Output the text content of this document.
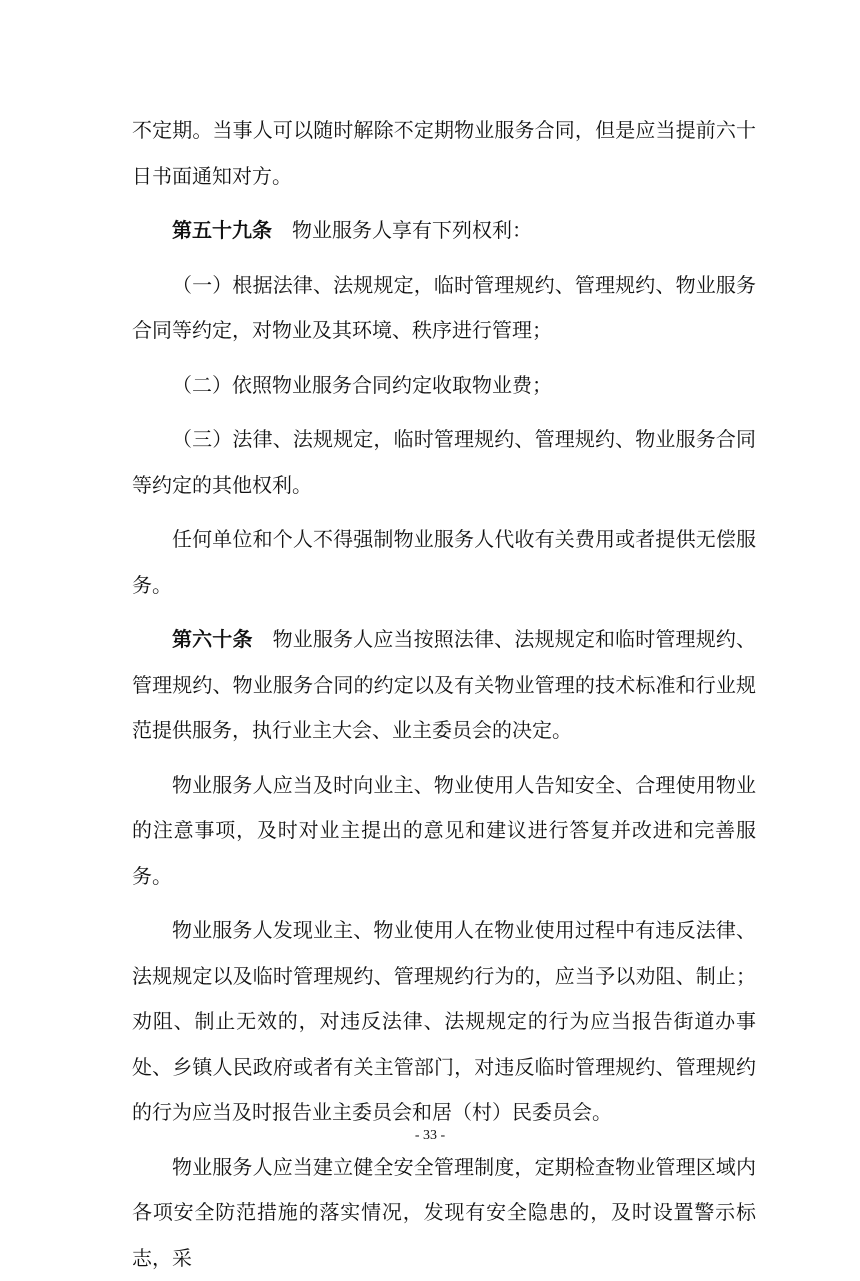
不定期。当事人可以随时解除不定期物业服务合同，但是应当提前六十日书面通知对方。

第五十九条 物业服务人享有下列权利：

（一）根据法律、法规规定，临时管理规约、管理规约、物业服务合同等约定，对物业及其环境、秩序进行管理；

（二）依照物业服务合同约定收取物业费；

（三）法律、法规规定，临时管理规约、管理规约、物业服务合同等约定的其他权利。

任何单位和个人不得强制物业服务人代收有关费用或者提供无偿服务。

第六十条 物业服务人应当按照法律、法规规定和临时管理规约、管理规约、物业服务合同的约定以及有关物业管理的技术标准和行业规范提供服务，执行业主大会、业主委员会的决定。

物业服务人应当及时向业主、物业使用人告知安全、合理使用物业的注意事项，及时对业主提出的意见和建议进行答复并改进和完善服务。

物业服务人发现业主、物业使用人在物业使用过程中有违反法律、法规规定以及临时管理规约、管理规约行为的，应当予以劝阻、制止；劝阻、制止无效的，对违反法律、法规规定的行为应当报告街道办事处、乡镇人民政府或者有关主管部门，对违反临时管理规约、管理规约的行为应当及时报告业主委员会和居（村）民委员会。

物业服务人应当建立健全安全管理制度，定期检查物业管理区域内各项安全防范措施的落实情况，发现有安全隐患的，及时设置警示标志，采

- 33 -
